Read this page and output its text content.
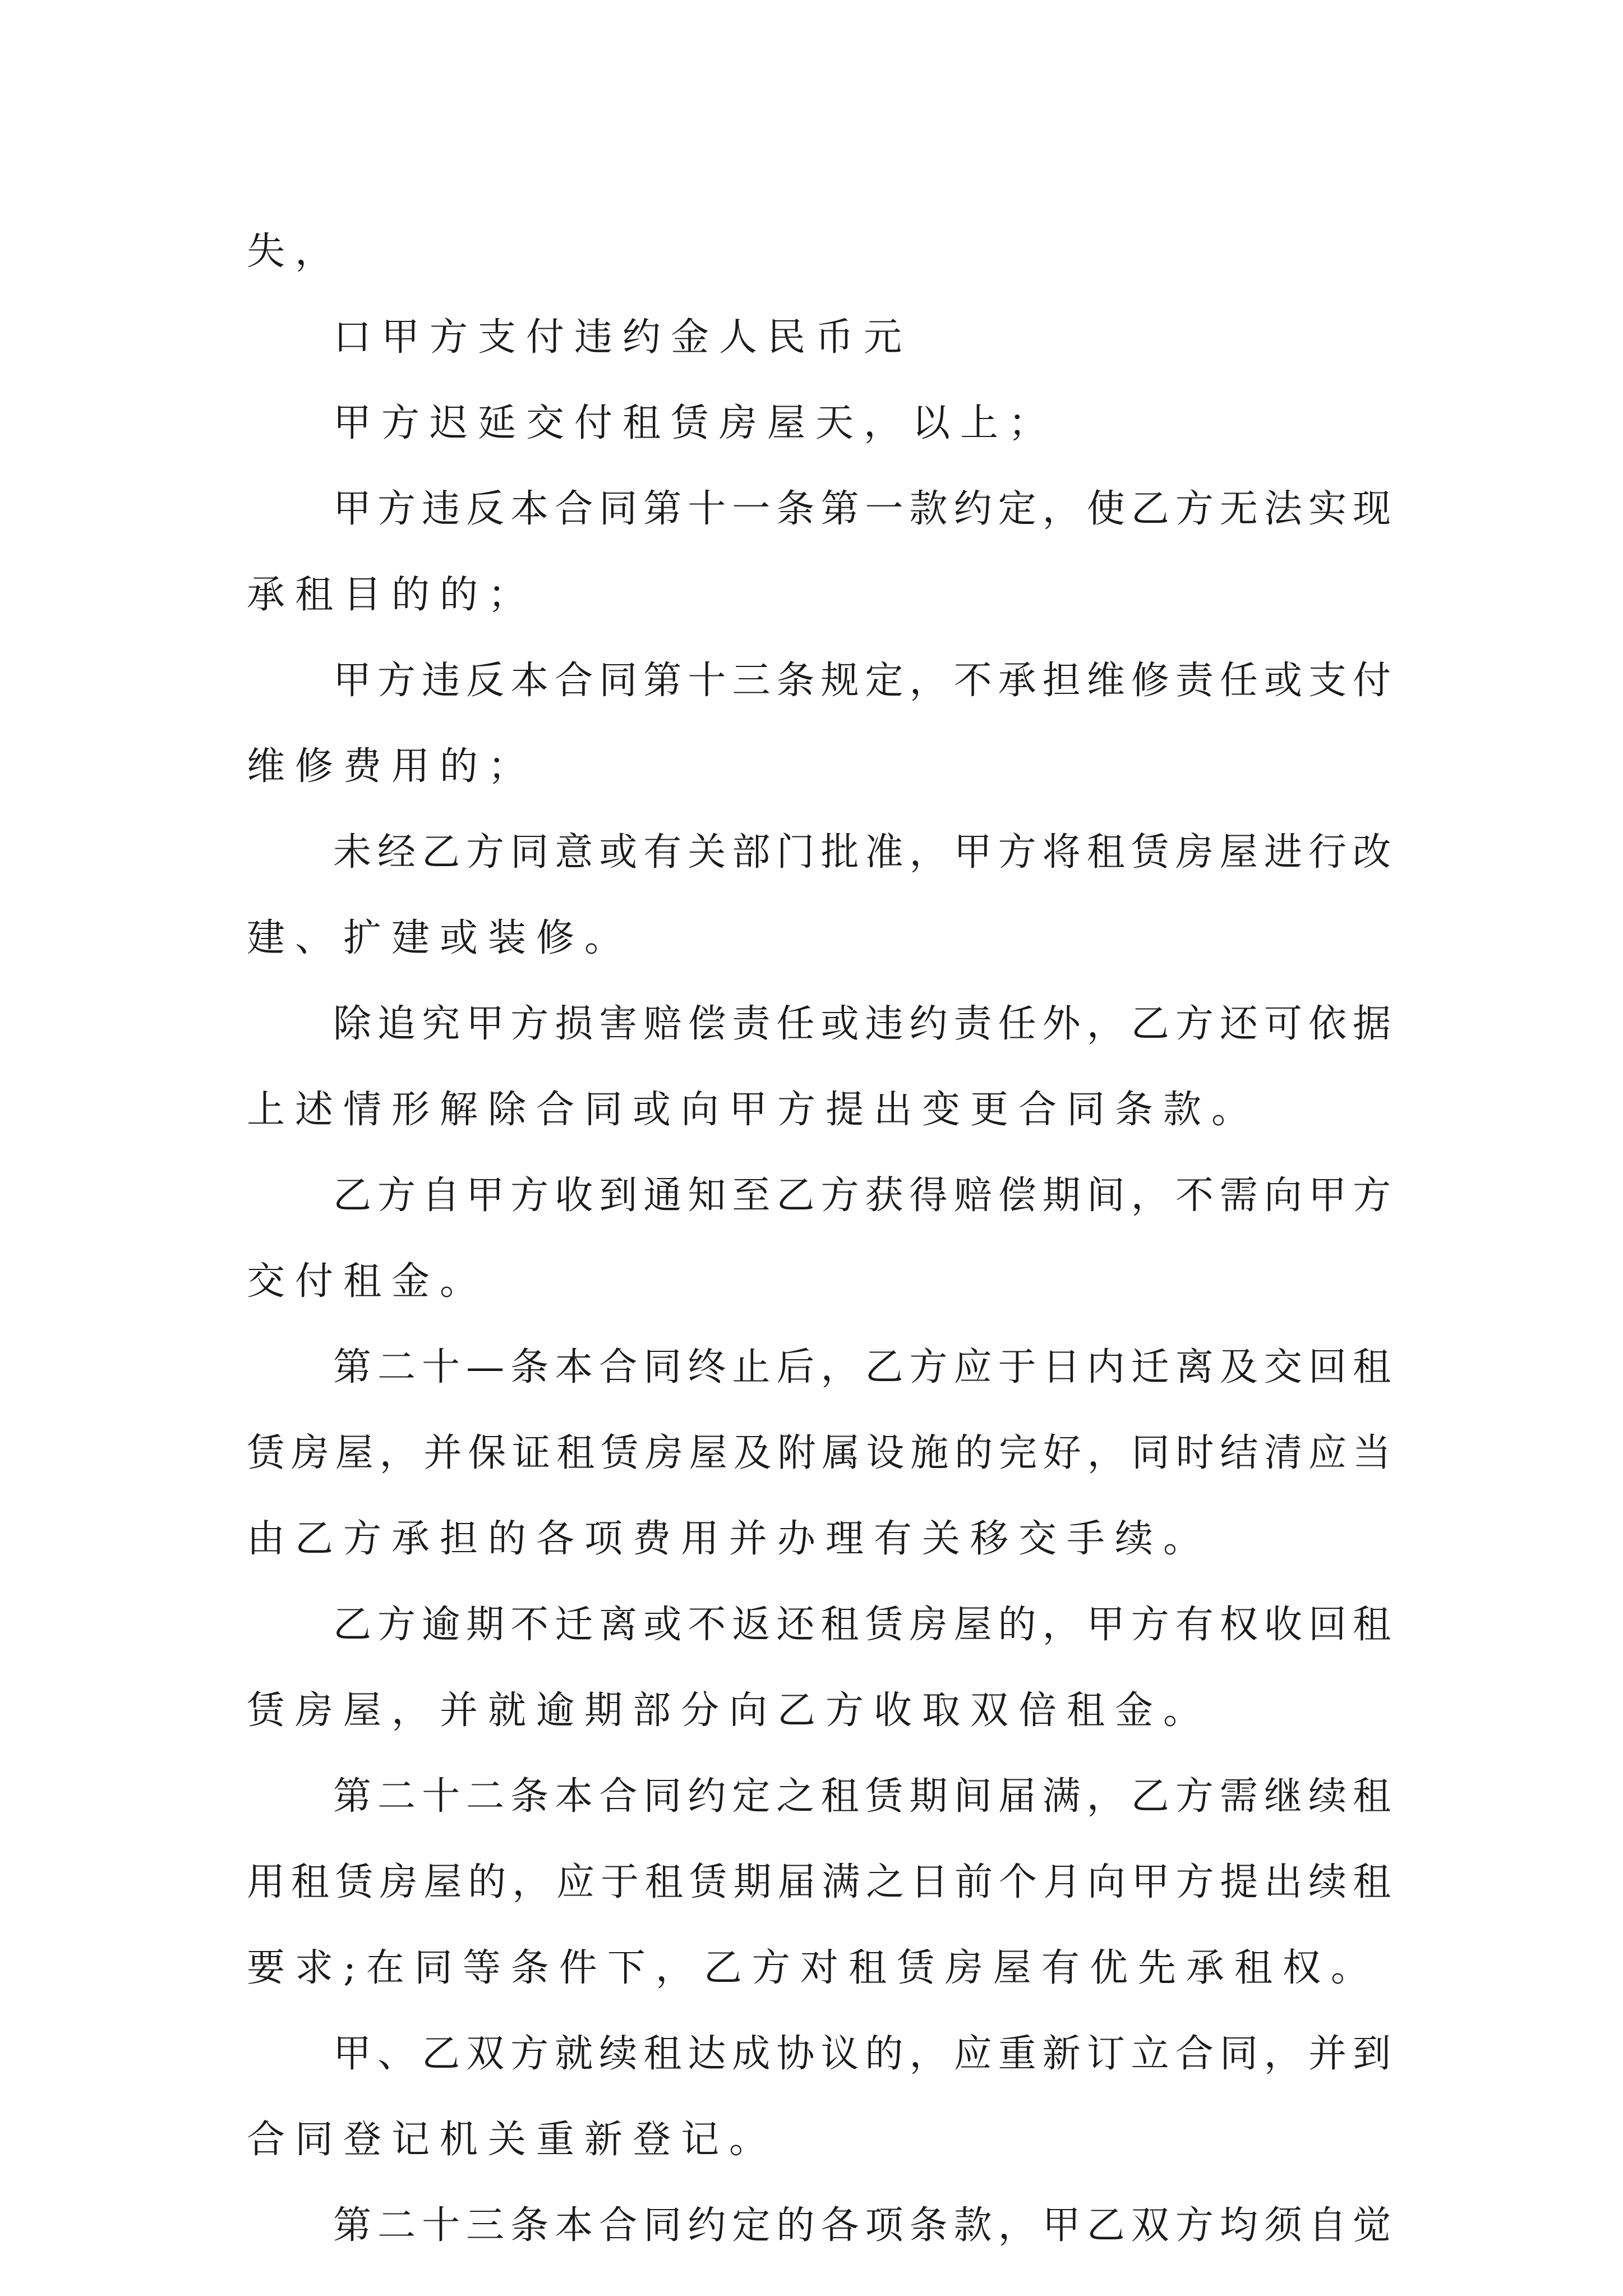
失，
口甲方支付违约金人民币元
甲方迟延交付租赁房屋天，以上；
甲方违反本合同第十一条第一款约定，使乙方无法实现
承租目的的；
甲方违反本合同第十三条规定，不承担维修责任或支付
维修费用的；
未经乙方同意或有关部门批准，甲方将租赁房屋进行改
建、扩建或装修。
除追究甲方损害赔偿责任或违约责任外，乙方还可依据
上述情形解除合同或向甲方提出变更合同条款。
乙方自甲方收到通知至乙方获得赔偿期间，不需向甲方
交付租金。
第二十—条本合同终止后，乙方应于日内迁离及交回租
赁房屋，并保证租赁房屋及附属设施的完好，同时结清应当
由乙方承担的各项费用并办理有关移交手续。
乙方逾期不迁离或不返还租赁房屋的，甲方有权收回租
赁房屋，并就逾期部分向乙方收取双倍租金。
第二十二条本合同约定之租赁期间届满，乙方需继续租
用租赁房屋的，应于租赁期届满之日前个月向甲方提出续租
要求;在同等条件下，乙方对租赁房屋有优先承租权。
甲、乙双方就续租达成协议的，应重新订立合同，并到
合同登记机关重新登记。
第二十三条本合同约定的各项条款，甲乙双方均须自觉
